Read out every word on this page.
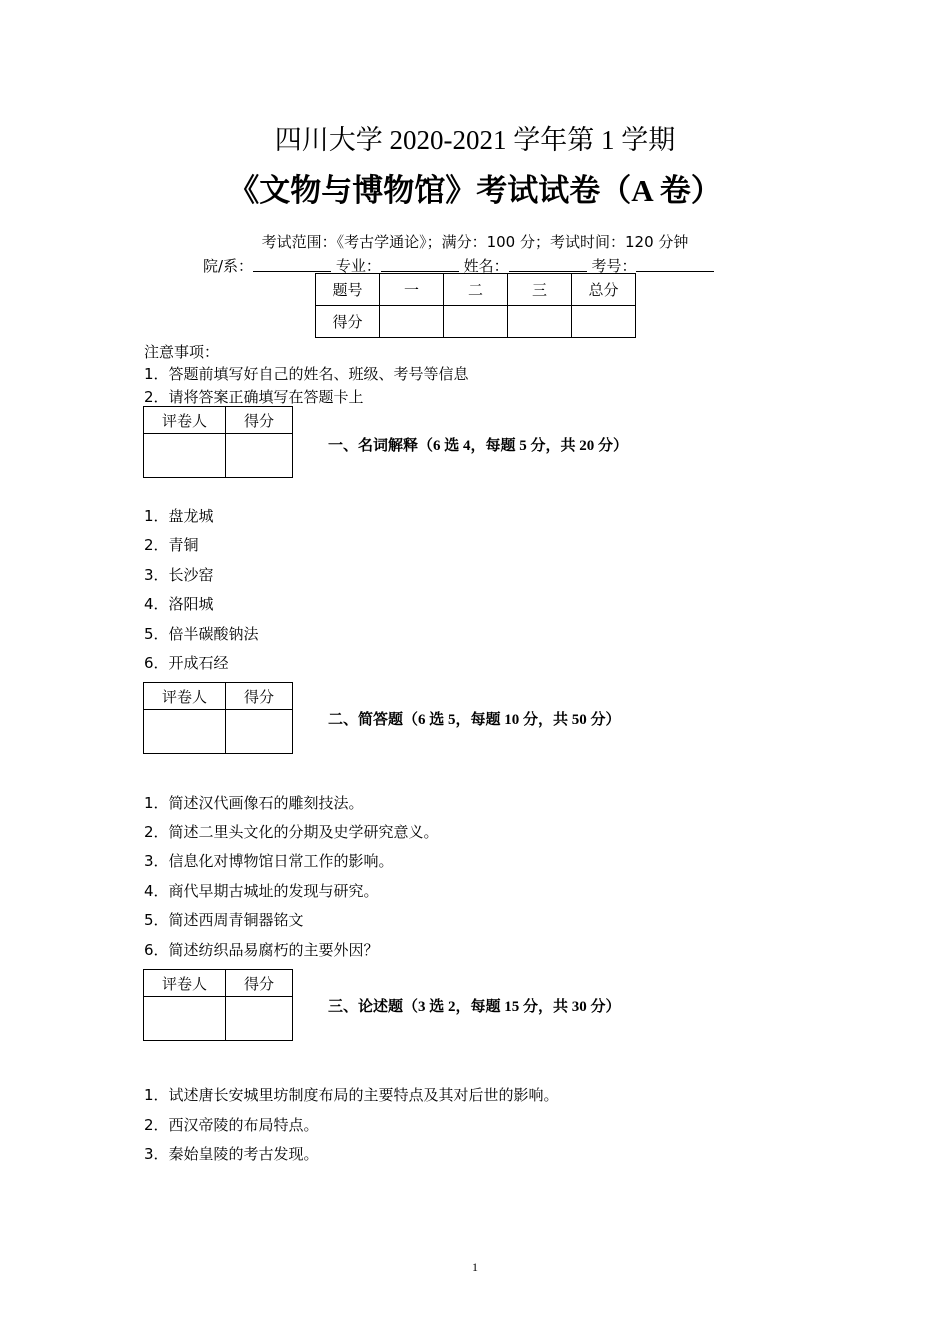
四川大学 2020-2021 学年第 1 学期
《文物与博物馆》考试试卷（A 卷）
考试范围：《考古学通论》；满分：100 分；考试时间：120 分钟
院/系：	专业：	姓名：	考号：
题号	一	二	三	总分
得分				
注意事项：
1．答题前填写好自己的姓名、班级、考号等信息
2．请将答案正确填写在答题卡上
评卷人	得分

一、名词解释（6 选 4，每题 5 分，共 20 分）
1．盘龙城
2．青铜
3．长沙窑
4．洛阳城
5．倍半碳酸钠法
6．开成石经
评卷人	得分

二、简答题（6 选 5，每题 10 分，共 50 分）
1．简述汉代画像石的雕刻技法。
2．简述二里头文化的分期及史学研究意义。
3．信息化对博物馆日常工作的影响。
4．商代早期古城址的发现与研究。
5．简述西周青铜器铭文
6．简述纺织品易腐朽的主要外因？
评卷人	得分

三、论述题（3 选 2，每题 15 分，共 30 分）
1．试述唐长安城里坊制度布局的主要特点及其对后世的影响。
2．西汉帝陵的布局特点。
3．秦始皇陵的考古发现。
1
